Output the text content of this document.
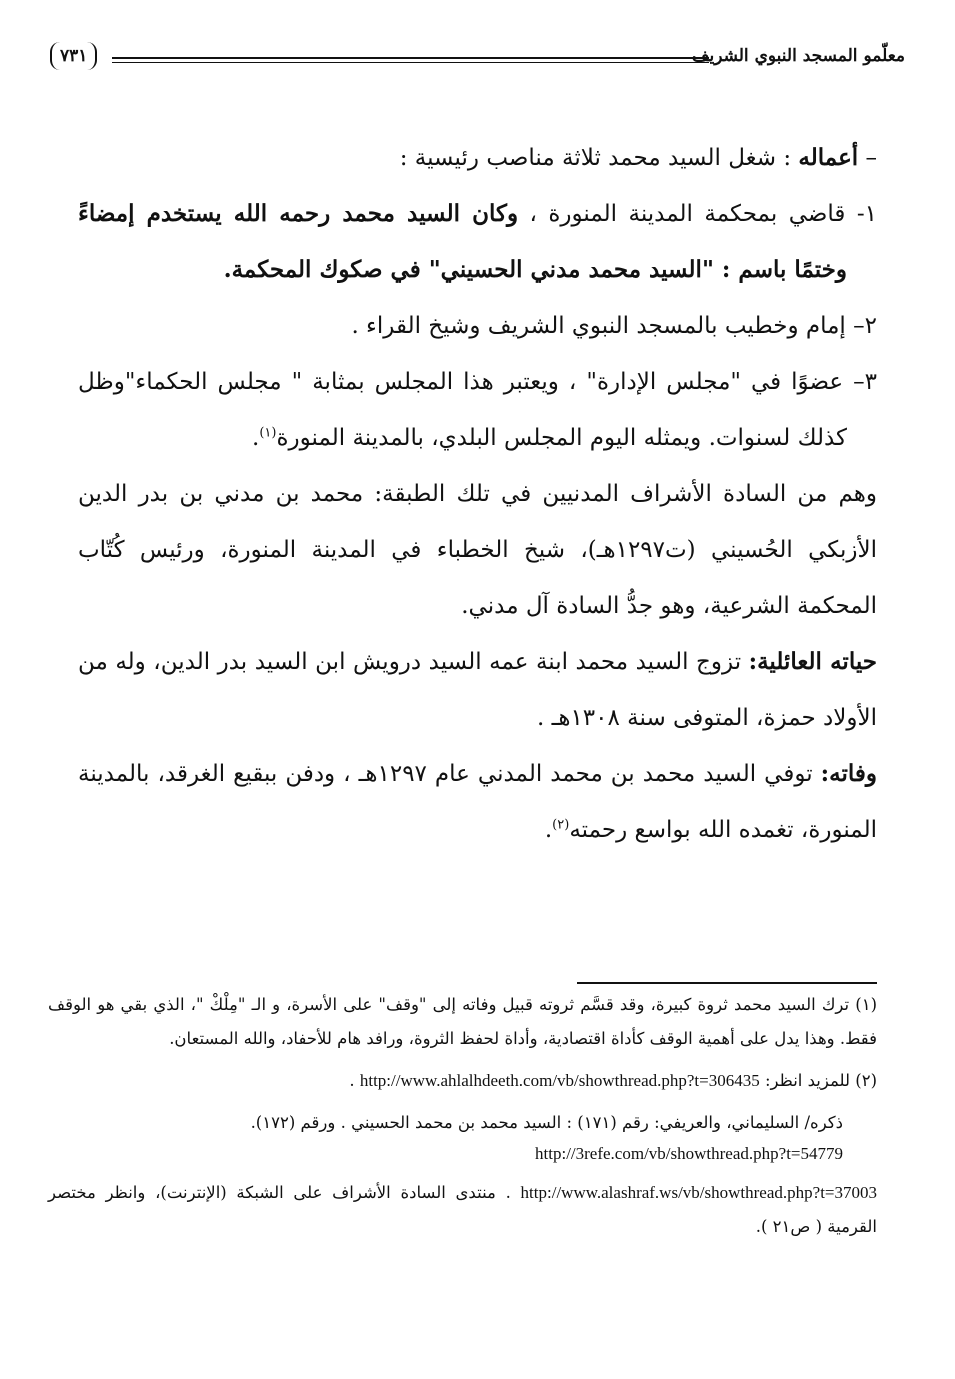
معلّمو المسجد النبوي الشريف
٧٣١

– أعماله : شغل السيد محمد ثلاثة مناصب رئيسية :

١- قاضي بمحكمة المدينة المنورة ، وكان السيد محمد رحمه الله يستخدم إمضاءً وختمًا باسم : "السيد محمد مدني الحسيني" في صكوك المحكمة.

٢– إمام وخطيب بالمسجد النبوي الشريف وشيخ القراء .

٣– عضوًا في "مجلس الإدارة" ، ويعتبر هذا المجلس بمثابة " مجلس الحكماء"وظل كذلك لسنوات. ويمثله اليوم المجلس البلدي، بالمدينة المنورة$^{(١)}$.

وهم من السادة الأشراف المدنيين في تلك الطبقة: محمد بن مدني بن بدر الدين الأزبكي الحُسيني (ت١٢٩٧هـ)، شيخ الخطباء في المدينة المنورة، ورئيس كُتّاب المحكمة الشرعية، وهو جدُّ السادة آل مدني.

حياته العائلية: تزوج السيد محمد ابنة عمه السيد درويش ابن السيد بدر الدين، وله من الأولاد حمزة، المتوفى سنة ١٣٠٨هـ .

وفاته: توفي السيد محمد بن محمد المدني عام ١٢٩٧هـ ، ودفن ببقيع الغرقد، بالمدينة المنورة، تغمده الله بواسع رحمته$^{(٢)}$.

(١) ترك السيد محمد ثروة كبيرة، وقد قسَّم ثروته قبيل وفاته إلى "وقف" على الأسرة، و الـ "مِلْكْ "، الذي بقي هو الوقف فقط. وهذا يدل على أهمية الوقف كأداة اقتصادية، وأداة لحفظ الثروة، ورافد هام للأحفاد، والله المستعان.

(٢) للمزيد انظر: http://www.ahlalhdeeth.com/vb/showthread.php?t=306435 .

ذكره/ السليماني، والعريفي: رقم (١٧١) : السيد محمد بن محمد الحسيني . ورقم (١٧٢).

http://3refe.com/vb/showthread.php?t=54779

http://www.alashraf.ws/vb/showthread.php?t=37003 . منتدى السادة الأشراف على الشبكة (الإنترنت)، وانظر مختصر القرمية ( ص٢١ ).
